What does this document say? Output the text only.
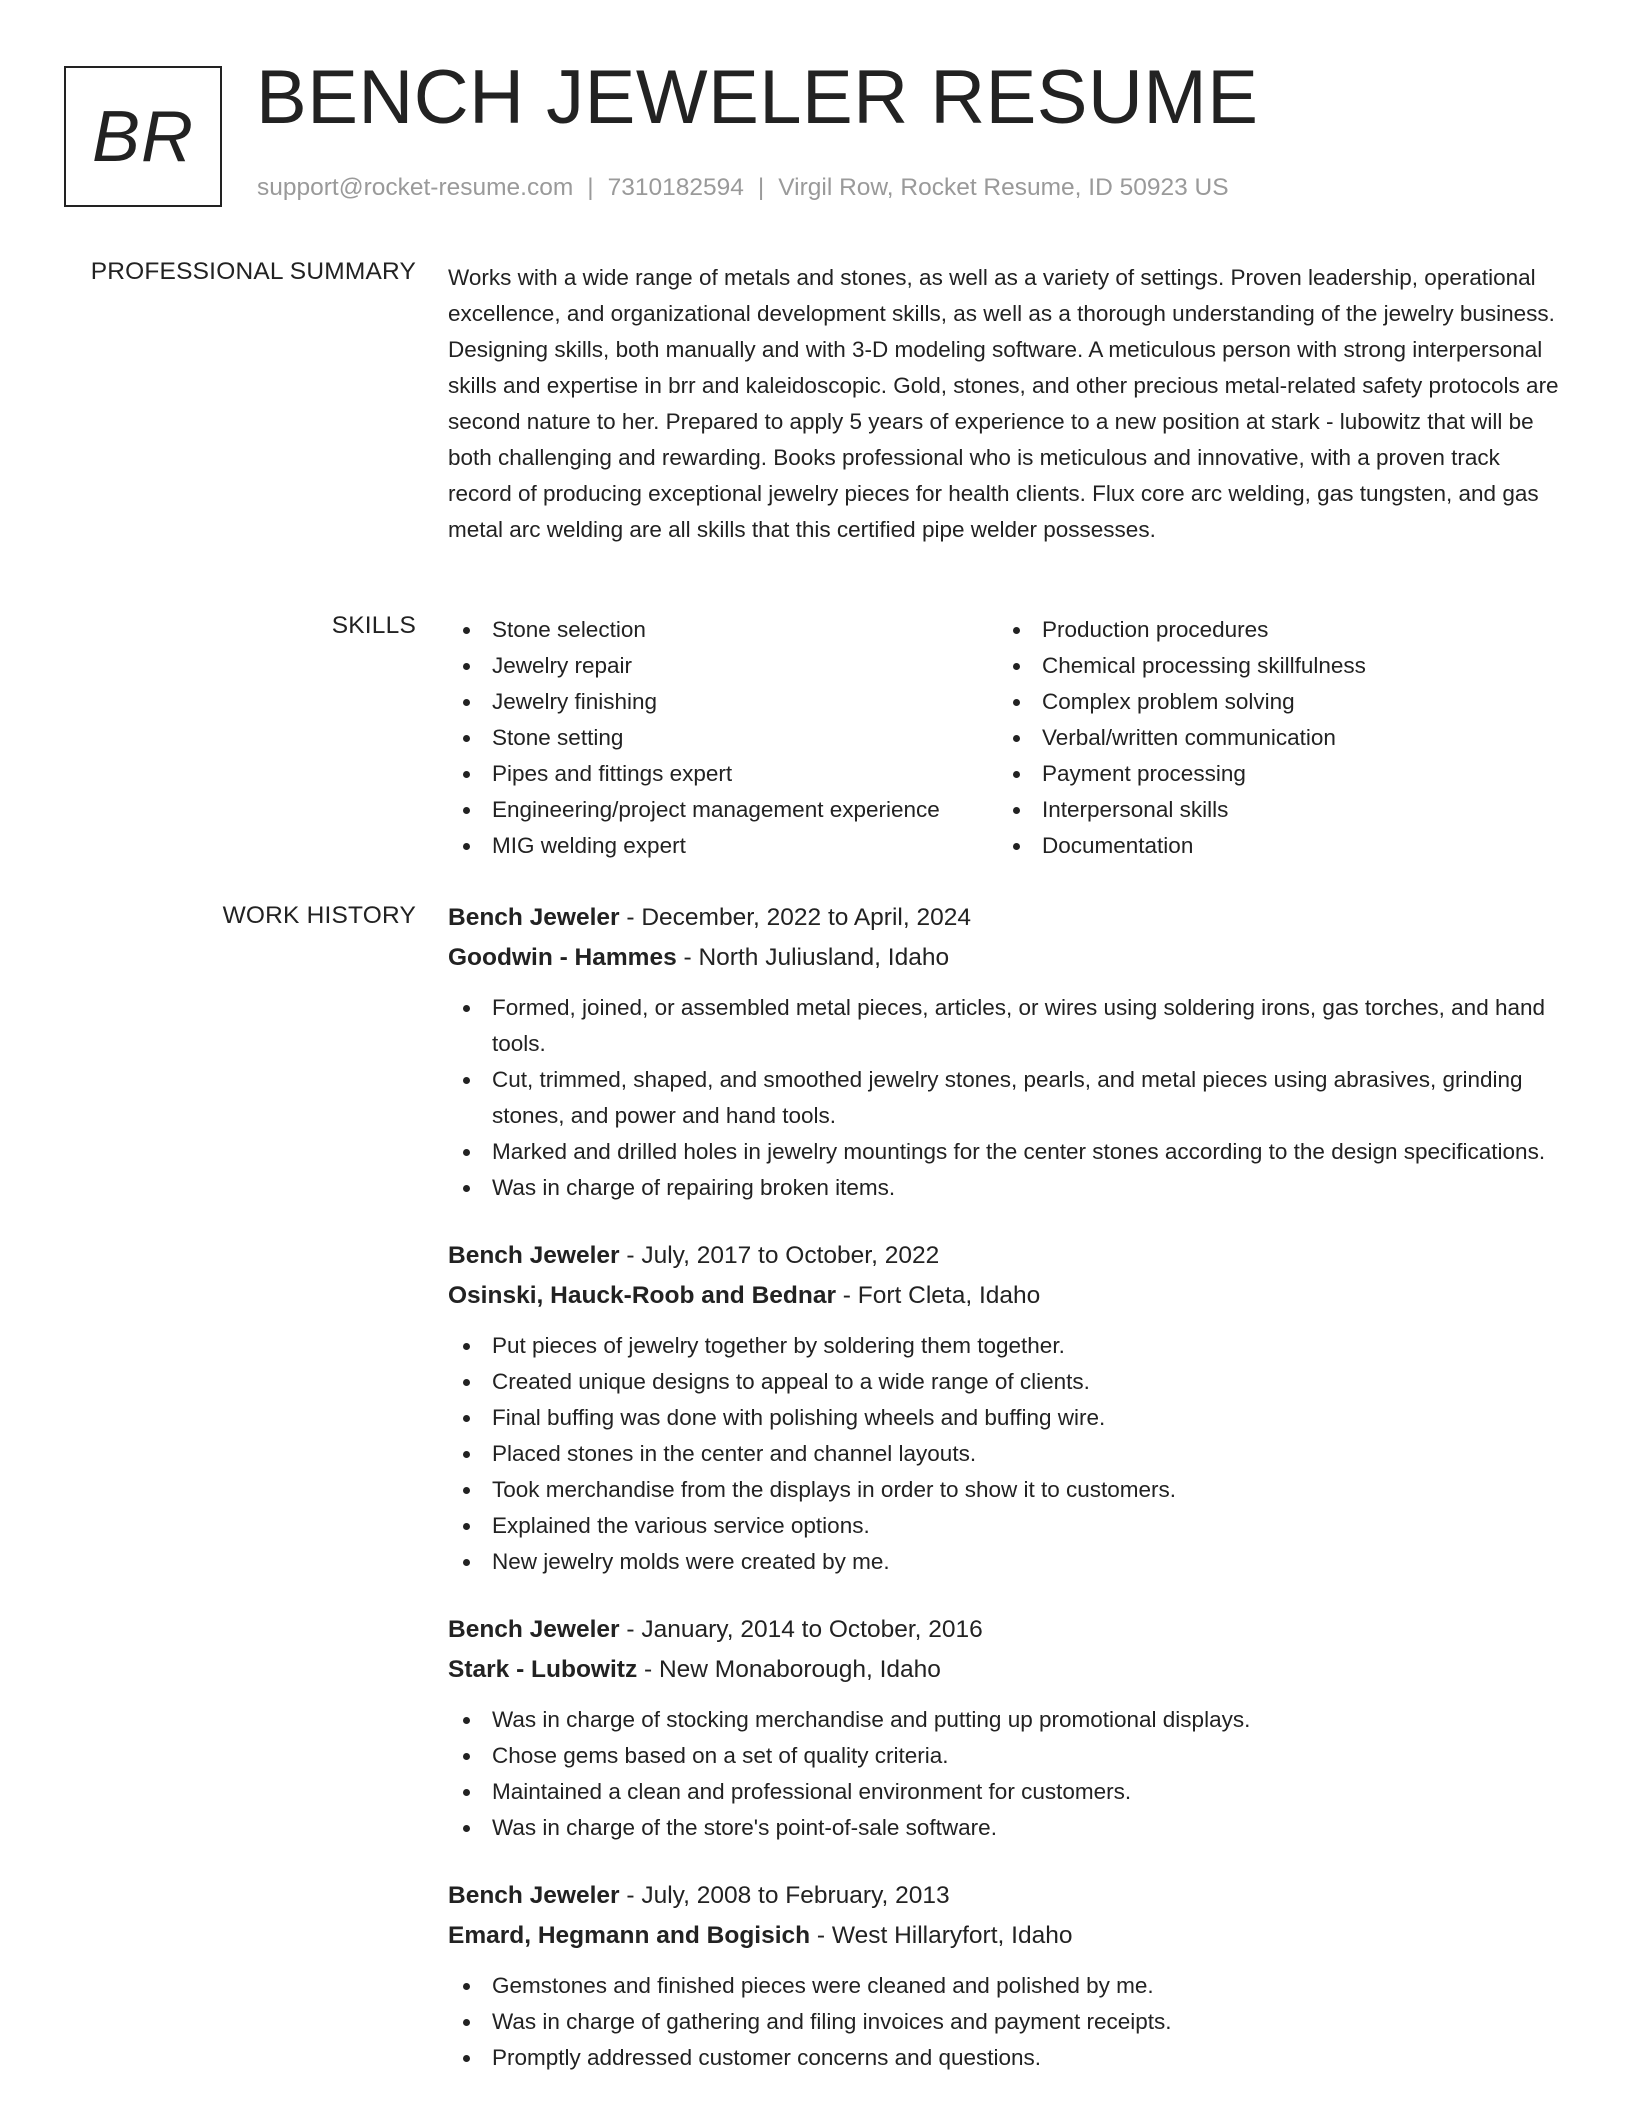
BR BENCH JEWELER RESUME
support@rocket-resume.com | 7310182594 | Virgil Row, Rocket Resume, ID 50923 US
PROFESSIONAL SUMMARY Works with a wide range of metals and stones, as well as a variety of settings. Proven leadership, operational excellence, and organizational development skills, as well as a thorough understanding of the jewelry business. Designing skills, both manually and with 3-D modeling software. A meticulous person with strong interpersonal skills and expertise in brr and kaleidoscopic. Gold, stones, and other precious metal-related safety protocols are second nature to her. Prepared to apply 5 years of experience to a new position at stark - lubowitz that will be both challenging and rewarding. Books professional who is meticulous and innovative, with a proven track record of producing exceptional jewelry pieces for health clients. Flux core arc welding, gas tungsten, and gas metal arc welding are all skills that this certified pipe welder possesses.

SKILLS	Stone selection
Jewelry repair
Jewelry finishing
Stone setting
Pipes and fittings expert
Engineering/project management experience
MIG welding expert
Production procedures
Chemical processing skillfulness
Complex problem solving
Verbal/written communication
Payment processing
Interpersonal skills
Documentation
WORK HISTORY Bench Jeweler - December, 2022 to April, 2024
Goodwin - Hammes - North Juliusland, Idaho
Formed, joined, or assembled metal pieces, articles, or wires using soldering irons, gas torches, and hand tools.
Cut, trimmed, shaped, and smoothed jewelry stones, pearls, and metal pieces using abrasives, grinding stones, and power and hand tools.
Marked and drilled holes in jewelry mountings for the center stones according to the design specifications.
Was in charge of repairing broken items.
Bench Jeweler - July, 2017 to October, 2022
Osinski, Hauck-Roob and Bednar - Fort Cleta, Idaho
Put pieces of jewelry together by soldering them together.
Created unique designs to appeal to a wide range of clients.
Final buffing was done with polishing wheels and buffing wire.
Placed stones in the center and channel layouts.
Took merchandise from the displays in order to show it to customers.
Explained the various service options.
New jewelry molds were created by me.
Bench Jeweler - January, 2014 to October, 2016
Stark - Lubowitz - New Monaborough, Idaho
Was in charge of stocking merchandise and putting up promotional displays.
Chose gems based on a set of quality criteria.
Maintained a clean and professional environment for customers.
Was in charge of the store's point-of-sale software.
Bench Jeweler - July, 2008 to February, 2013
Emard, Hegmann and Bogisich - West Hillaryfort, Idaho
Gemstones and finished pieces were cleaned and polished by me.
Was in charge of gathering and filing invoices and payment receipts.
Promptly addressed customer concerns and questions.
